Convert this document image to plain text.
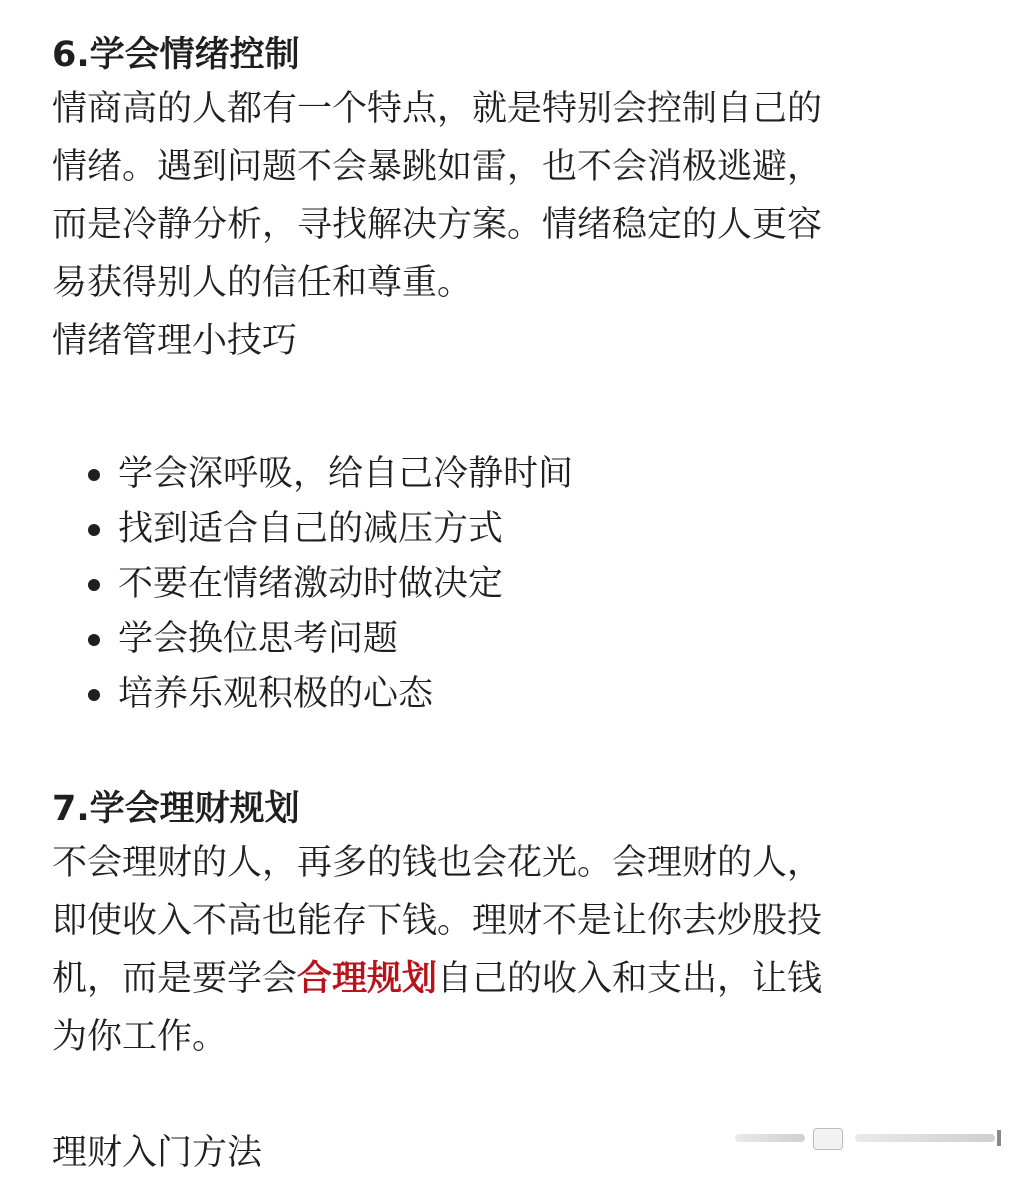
6.学会情绪控制

情商高的人都有一个特点，就是特别会控制自己的

情绪。遇到问题不会暴跳如雷，也不会消极逃避，

而是冷静分析，寻找解决方案。情绪稳定的人更容

易获得别人的信任和尊重。

情绪管理小技巧

学会深呼吸，给自己冷静时间
找到适合自己的减压方式
不要在情绪激动时做决定
学会换位思考问题
培养乐观积极的心态
7.学会理财规划

不会理财的人，再多的钱也会花光。会理财的人，

即使收入不高也能存下钱。理财不是让你去炒股投

机，而是要学会合理规划自己的收入和支出，让钱

为你工作。

理财入门方法
